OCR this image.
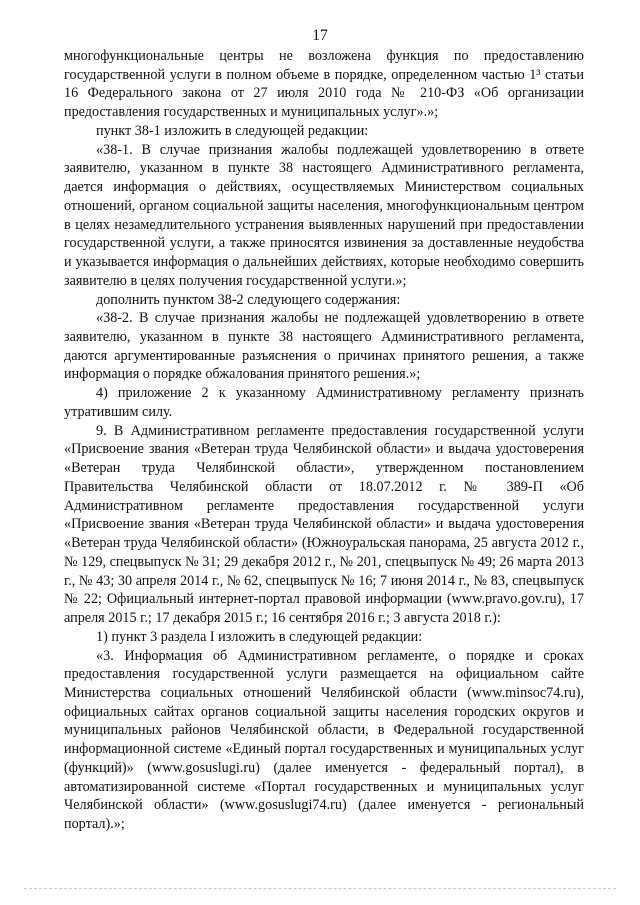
17

многофункциональные центры не возложена функция по предоставлению государственной услуги в полном объеме в порядке, определенном частью 1³ статьи 16 Федерального закона от 27 июля 2010 года № 210-ФЗ «Об организации предоставления государственных и муниципальных услуг».»;

пункт 38-1 изложить в следующей редакции:

«38-1. В случае признания жалобы подлежащей удовлетворению в ответе заявителю, указанном в пункте 38 настоящего Административного регламента, дается информация о действиях, осуществляемых Министерством социальных отношений, органом социальной защиты населения, многофункциональным центром в целях незамедлительного устранения выявленных нарушений при предоставлении государственной услуги, а также приносятся извинения за доставленные неудобства и указывается информация о дальнейших действиях, которые необходимо совершить заявителю в целях получения государственной услуги.»;

дополнить пунктом 38-2 следующего содержания:

«38-2. В случае признания жалобы не подлежащей удовлетворению в ответе заявителю, указанном в пункте 38 настоящего Административного регламента, даются аргументированные разъяснения о причинах принятого решения, а также информация о порядке обжалования принятого решения.»;

4) приложение 2 к указанному Административному регламенту признать утратившим силу.

9. В Административном регламенте предоставления государственной услуги «Присвоение звания «Ветеран труда Челябинской области» и выдача удостоверения «Ветеран труда Челябинской области», утвержденном постановлением Правительства Челябинской области от 18.07.2012 г. № 389-П «Об Административном регламенте предоставления государственной услуги «Присвоение звания «Ветеран труда Челябинской области» и выдача удостоверения «Ветеран труда Челябинской области» (Южноуральская панорама, 25 августа 2012 г., № 129, спецвыпуск № 31; 29 декабря 2012 г., № 201, спецвыпуск № 49; 26 марта 2013 г., № 43; 30 апреля 2014 г., № 62, спецвыпуск № 16; 7 июня 2014 г., № 83, спецвыпуск № 22; Официальный интернет-портал правовой информации (www.pravo.gov.ru), 17 апреля 2015 г.; 17 декабря 2015 г.; 16 сентября 2016 г.; 3 августа 2018 г.):

1) пункт 3 раздела I изложить в следующей редакции:

«3. Информация об Административном регламенте, о порядке и сроках предоставления государственной услуги размещается на официальном сайте Министерства социальных отношений Челябинской области (www.minsoc74.ru), официальных сайтах органов социальной защиты населения городских округов и муниципальных районов Челябинской области, в Федеральной государственной информационной системе «Единый портал государственных и муниципальных услуг (функций)» (www.gosuslugi.ru) (далее именуется - федеральный портал), в автоматизированной системе «Портал государственных и муниципальных услуг Челябинской области» (www.gosuslugi74.ru) (далее именуется - региональный портал).»;
